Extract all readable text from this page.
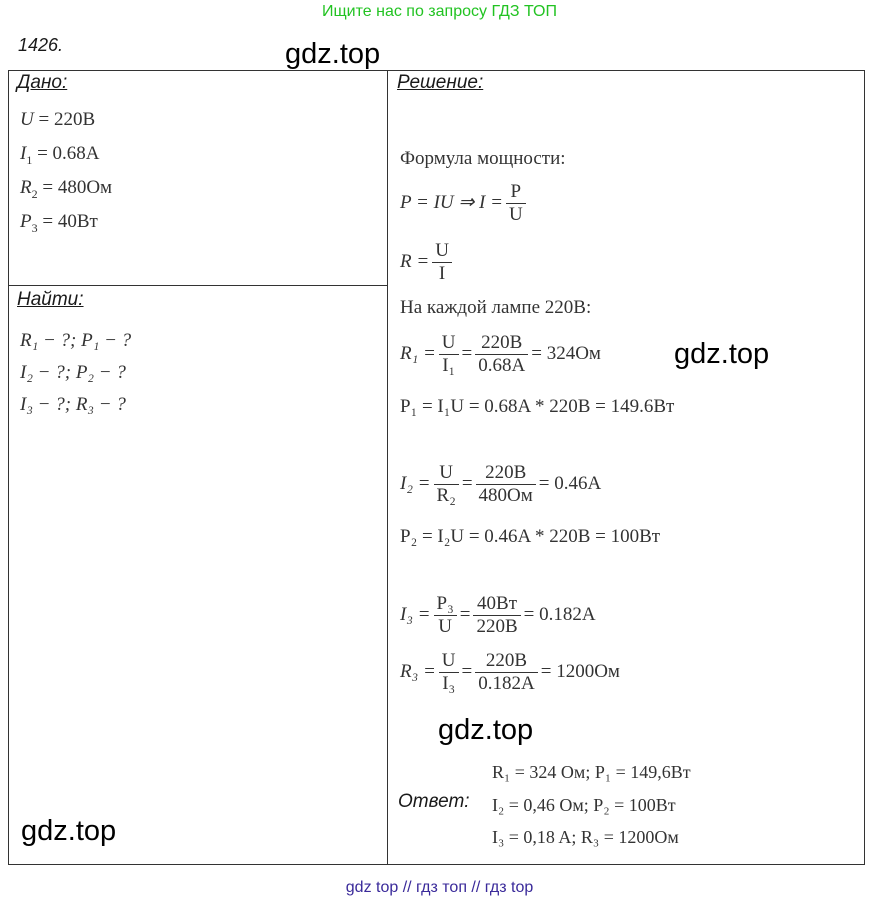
Ищите нас по запросу ГДЗ ТОП
1426.	gdz.top
gdz.top
gdz.top
gdz.top
Дано:
U = 220B
$I_1 = 0.68A$
$R_2 = 480Ом$
$P_3 = 40Вт$
Найти:
R₁ − ?; P₁ − ?
I₂ − ?; P₂ − ?
I₃ − ?; R₃ − ?
Решение:
Формула мощности:
P = IU ⇒ $I = \frac{P}{U}$
$R = \frac{U}{I}$
На каждой лампе 220В:
$R_1 = \frac{U}{\text{I₁}} = \frac{220B}{0.68A} = 324Ом$
P₁ = I₁U = 0.68A * 220B = 149.6Вт
$I_2 = \frac{U}{\text{R₂}} = \frac{220B}{480Ом} = 0.46A$
P₂ = I₂U = 0.46A * 220B = 100Вт
$I_3 = \frac{\text{P₃}}{U} = \frac{40Вт}{220B} = 0.182A$
$R_3 = \frac{U}{\text{I₃}} = \frac{220B}{0.182A} = 1200Ом$
Ответ:
R₁ = 324 Ом; P₁ = 149,6Вт
I₂ = 0,46 Ом; P₂ = 100Вт
I₃ = 0,18 A; R₃ = 1200Ом
gdz top // гдз топ // гдз top
